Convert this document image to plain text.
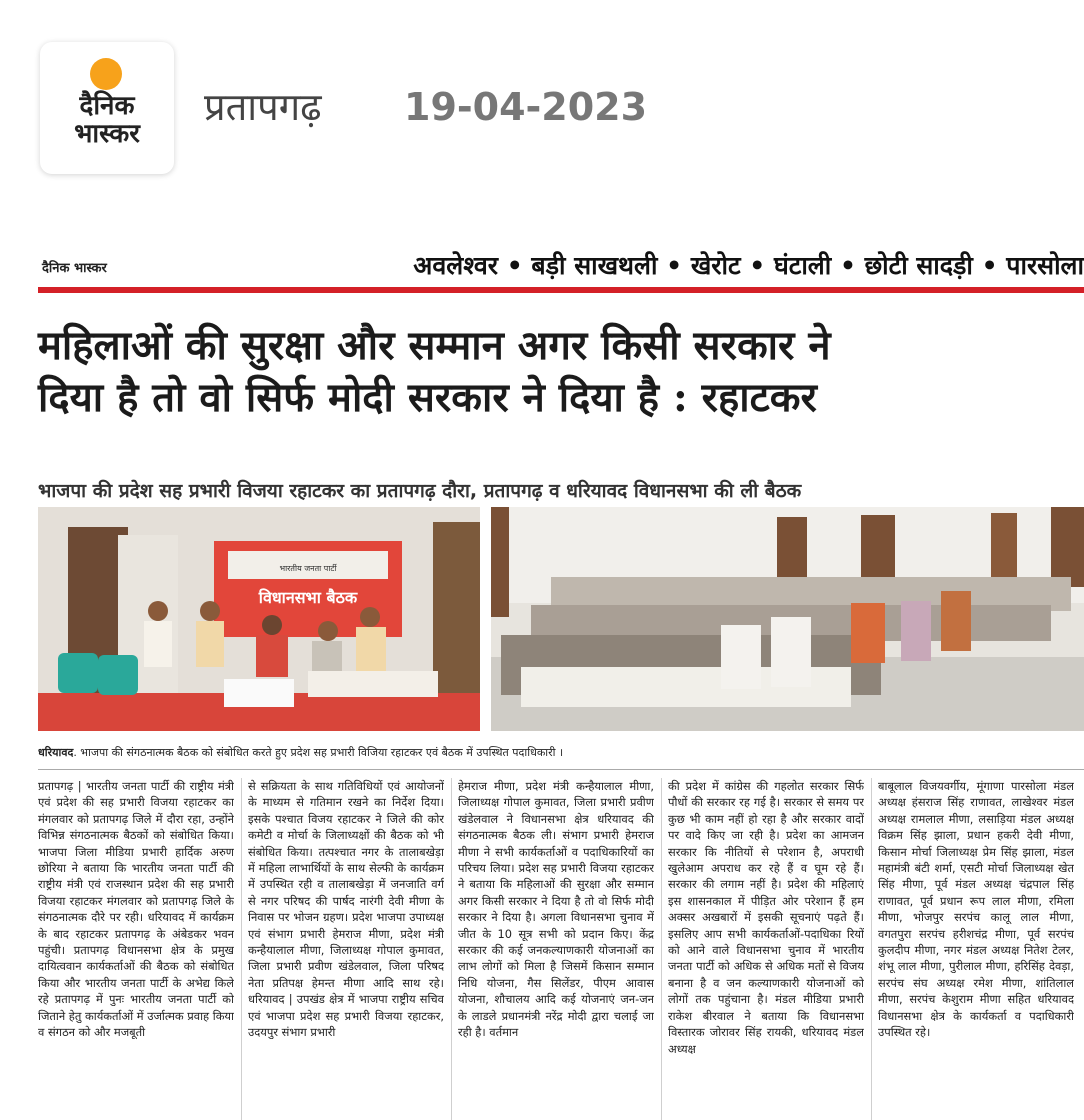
दैनिक
भास्कर
प्रतापगढ़ 19-04-2023
दैनिक भास्कर	अवलेश्वर • बड़ी साखथली • खेरोट • घंटाली • छोटी सादड़ी • पारसोला
महिलाओं की सुरक्षा और सम्मान अगर किसी सरकार ने
दिया है तो वो सिर्फ मोदी सरकार ने दिया है : रहाटकर
भाजपा की प्रदेश सह प्रभारी विजया रहाटकर का प्रतापगढ़ दौरा, प्रतापगढ़ व धरियावद विधानसभा की ली बैठक
भारतीय जनता पार्टी
विधानसभा बैठक
धरियावद. भाजपा की संगठनात्मक बैठक को संबोधित करते हुए प्रदेश सह प्रभारी विजिया रहाटकर एवं बैठक में उपस्थित पदाधिकारी ।

प्रतापगढ़ | भारतीय जनता पार्टी की राष्ट्रीय मंत्री एवं प्रदेश की सह प्रभारी विजया रहाटकर का मंगलवार को प्रतापगढ़ जिले में दौरा रहा, उन्होंने विभिन्न संगठनात्मक बैठकों को संबोधित किया। भाजपा जिला मीडिया प्रभारी हार्दिक अरुण छोरिया ने बताया कि भारतीय जनता पार्टी की राष्ट्रीय मंत्री एवं राजस्थान प्रदेश की सह प्रभारी विजया रहाटकर मंगलवार को प्रतापगढ़ जिले के संगठनात्मक दौरे पर रही। धरियावद में कार्यक्रम के बाद रहाटकर प्रतापगढ़ के अंबेडकर भवन पहुंची। प्रतापगढ़ विधानसभा क्षेत्र के प्रमुख दायित्ववान कार्यकर्ताओं की बैठक को संबोधित किया और भारतीय जनता पार्टी के अभेद्य किले रहे प्रतापगढ़ में पुनः भारतीय जनता पार्टी को जिताने हेतु कार्यकर्ताओं में उर्जात्मक प्रवाह किया व संगठन को और मजबूती

से सक्रियता के साथ गतिविधियों एवं आयोजनों के माध्यम से गतिमान रखने का निर्देश दिया। इसके पश्चात विजय रहाटकर ने जिले की कोर कमेटी व मोर्चा के जिलाध्यक्षों की बैठक को भी संबोधित किया। तत्पश्चात नगर के तालाबखेड़ा में महिला लाभार्थियों के साथ सेल्फी के कार्यक्रम में उपस्थित रही व तालाबखेड़ा में जनजाति वर्ग से नगर परिषद की पार्षद नारंगी देवी मीणा के निवास पर भोजन ग्रहण। प्रदेश भाजपा उपाध्यक्ष एवं संभाग प्रभारी हेमराज मीणा, प्रदेश मंत्री कन्हैयालाल मीणा, जिलाध्यक्ष गोपाल कुमावत, जिला प्रभारी प्रवीण खंडेलवाल, जिला परिषद नेता प्रतिपक्ष हेमन्त मीणा आदि साथ रहे। धरियावद | उपखंड क्षेत्र में भाजपा राष्ट्रीय सचिव एवं भाजपा प्रदेश सह प्रभारी विजया रहाटकर, उदयपुर संभाग प्रभारी

हेमराज मीणा, प्रदेश मंत्री कन्हैयालाल मीणा, जिलाध्यक्ष गोपाल कुमावत, जिला प्रभारी प्रवीण खंडेलवाल ने विधानसभा क्षेत्र धरियावद की संगठनात्मक बैठक ली। संभाग प्रभारी हेमराज मीणा ने सभी कार्यकर्ताओं व पदाधिकारियों का परिचय लिया। प्रदेश सह प्रभारी विजया रहाटकर ने बताया कि महिलाओं की सुरक्षा और सम्मान अगर किसी सरकार ने दिया है तो वो सिर्फ मोदी सरकार ने दिया है। अगला विधानसभा चुनाव में जीत के 10 सूत्र सभी को प्रदान किए। केंद्र सरकार की कई जनकल्याणकारी योजनाओं का लाभ लोगों को मिला है जिसमें किसान सम्मान निधि योजना, गैस सिलेंडर, पीएम आवास योजना, शौचालय आदि कई योजनाएं जन-जन के लाडले प्रधानमंत्री नरेंद्र मोदी द्वारा चलाई जा रही है। वर्तमान

की प्रदेश में कांग्रेस की गहलोत सरकार सिर्फ पौधों की सरकार रह गई है। सरकार से समय पर कुछ भी काम नहीं हो रहा है और सरकार वादों पर वादे किए जा रही है। प्रदेश का आमजन सरकार कि नीतियों से परेशान है, अपराधी खुलेआम अपराध कर रहे हैं व घूम रहे हैं। सरकार की लगाम नहीं है। प्रदेश की महिलाएं इस शासनकाल में पीड़ित ओर परेशान हैं हम अक्सर अखबारों में इसकी सूचनाएं पढ़ते हैं। इसलिए आप सभी कार्यकर्ताओं-पदाधिका रियों को आने वाले विधानसभा चुनाव में भारतीय जनता पार्टी को अधिक से अधिक मतों से विजय बनाना है व जन कल्याणकारी योजनाओं को लोगों तक पहुंचाना है। मंडल मीडिया प्रभारी राकेश बीरवाल ने बताया कि विधानसभा विस्तारक जोरावर सिंह रायकी, धरियावद मंडल अध्यक्ष

बाबूलाल विजयवर्गीय, मूंगाणा पारसोला मंडल अध्यक्ष हंसराज सिंह राणावत, लाखेश्वर मंडल अध्यक्ष रामलाल मीणा, लसाड़िया मंडल अध्यक्ष विक्रम सिंह झाला, प्रधान हकरी देवी मीणा, किसान मोर्चा जिलाध्यक्ष प्रेम सिंह झाला, मंडल महामंत्री बंटी शर्मा, एसटी मोर्चा जिलाध्यक्ष खेत सिंह मीणा, पूर्व मंडल अध्यक्ष चंद्रपाल सिंह राणावत, पूर्व प्रधान रूप लाल मीणा, रमिला मीणा, भोजपुर सरपंच कालू लाल मीणा, वगतपुरा सरपंच हरीशचंद्र मीणा, पूर्व सरपंच कुलदीप मीणा, नगर मंडल अध्यक्ष नितेश टेलर, शंभू लाल मीणा, पुरीलाल मीणा, हरिसिंह देवड़ा, सरपंच संघ अध्यक्ष रमेश मीणा, शांतिलाल मीणा, सरपंच केशुराम मीणा सहित धरियावद विधानसभा क्षेत्र के कार्यकर्ता व पदाधिकारी उपस्थित रहे।
